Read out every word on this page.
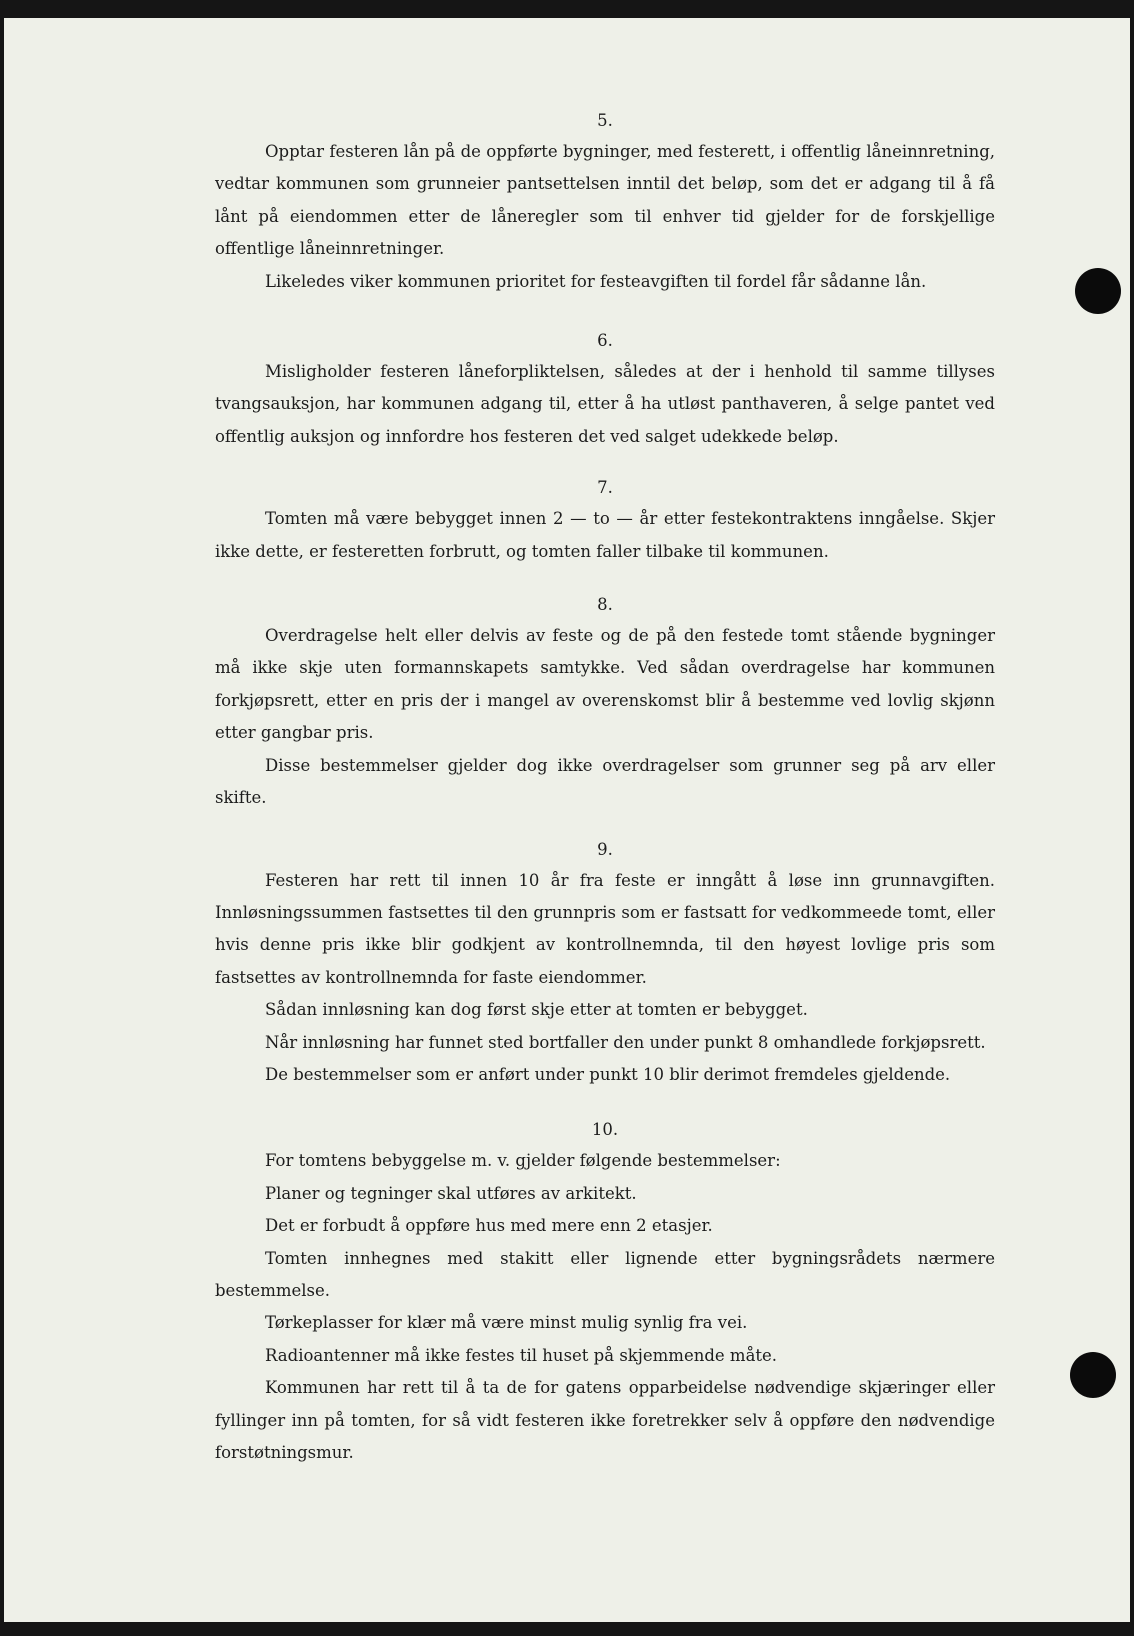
5.

Opptar festeren lån på de oppførte bygninger, med festerett, i offentlig låneinnretning, vedtar kommunen som grunneier pantsettelsen inntil det beløp, som det er adgang til å få lånt på eiendommen etter de låneregler som til enhver tid gjelder for de forskjellige offentlige låneinnretninger.

Likeledes viker kommunen prioritet for festeavgiften til fordel får sådanne lån.

6.

Misligholder festeren låneforpliktelsen, således at der i henhold til samme tillyses tvangsauksjon, har kommunen adgang til, etter å ha utløst panthaveren, å selge pantet ved offentlig auksjon og innfordre hos festeren det ved salget udekkede beløp.

7.

Tomten må være bebygget innen 2 — to — år etter festekontraktens inngåelse. Skjer ikke dette, er festeretten forbrutt, og tomten faller tilbake til kommunen.

8.

Overdragelse helt eller delvis av feste og de på den festede tomt stående bygninger må ikke skje uten formannskapets samtykke. Ved sådan overdragelse har kommunen forkjøpsrett, etter en pris der i mangel av overenskomst blir å bestemme ved lovlig skjønn etter gangbar pris.

Disse bestemmelser gjelder dog ikke overdragelser som grunner seg på arv eller skifte.

9.

Festeren har rett til innen 10 år fra feste er inngått å løse inn grunnavgiften. Innløsningssummen fastsettes til den grunnpris som er fastsatt for vedkommeede tomt, eller hvis denne pris ikke blir godkjent av kontrollnemnda, til den høyest lovlige pris som fastsettes av kontrollnemnda for faste eiendommer.

Sådan innløsning kan dog først skje etter at tomten er bebygget.

Når innløsning har funnet sted bortfaller den under punkt 8 omhandlede forkjøpsrett.

De bestemmelser som er anført under punkt 10 blir derimot fremdeles gjeldende.

10.

For tomtens bebyggelse m. v. gjelder følgende bestemmelser:

Planer og tegninger skal utføres av arkitekt.

Det er forbudt å oppføre hus med mere enn 2 etasjer.

Tomten innhegnes med stakitt eller lignende etter bygningsrådets nærmere bestemmelse.

Tørkeplasser for klær må være minst mulig synlig fra vei.

Radioantenner må ikke festes til huset på skjemmende måte.

Kommunen har rett til å ta de for gatens opparbeidelse nødvendige skjæringer eller fyllinger inn på tomten, for så vidt festeren ikke foretrekker selv å oppføre den nødvendige forstøtningsmur.
